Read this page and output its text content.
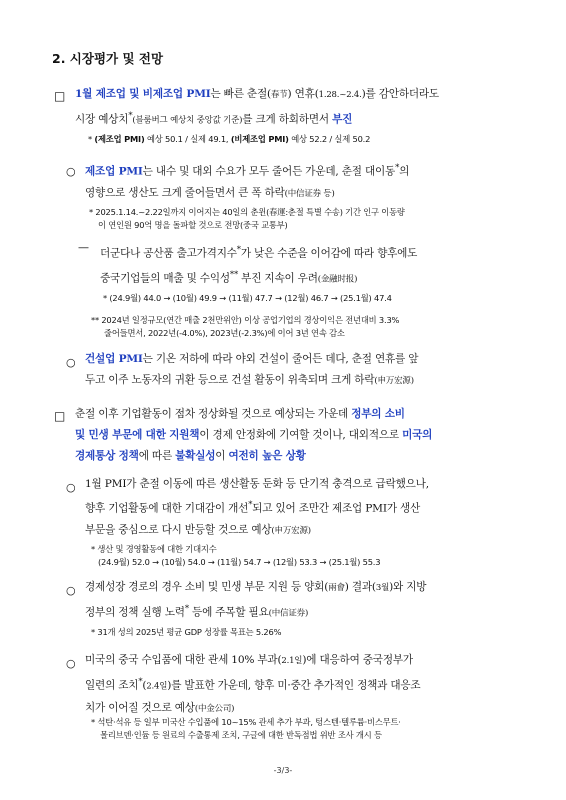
2. 시장평가 및 전망
□ 1월 제조업 및 비제조업 PMI는 빠른 춘절(春节) 연휴(1.28.~2.4.)를 감안하더라도
시장 예상치*(블룸버그 예상치 중앙값 기준)를 크게 하회하면서 부진
* (제조업 PMI) 예상 50.1 / 실제 49.1, (비제조업 PMI) 예상 52.2 / 실제 50.2
○ 제조업 PMI는 내수 및 대외 수요가 모두 줄어든 가운데, 춘절 대이동*의
영향으로 생산도 크게 줄어들면서 큰 폭 하락(中信证券 등)
* 2025.1.14.~2.22일까지 이어지는 40일의 춘윈(春運:춘절 특별 수송) 기간 인구 이동량
이 연인원 90억 명을 돌파할 것으로 전망(중국 교통부)
— 더군다나 공산품 출고가격지수*가 낮은 수준을 이어감에 따라 향후에도
중국기업들의 매출 및 수익성** 부진 지속이 우려(金融时报)
* (24.9월) 44.0 → (10월) 49.9 → (11월) 47.7 → (12월) 46.7 → (25.1월) 47.4
** 2024년 일정규모(연간 매출 2천만위안) 이상 공업기업의 경상이익은 전년대비 3.3%
줄어들면서, 2022년(-4.0%), 2023년(-2.3%)에 이어 3년 연속 감소
○ 건설업 PMI는 기온 저하에 따라 야외 건설이 줄어든 데다, 춘절 연휴를 앞
두고 이주 노동자의 귀환 등으로 건설 활동이 위축되며 크게 하락(申万宏源)
□ 춘절 이후 기업활동이 점차 정상화될 것으로 예상되는 가운데 정부의 소비
및 민생 부문에 대한 지원책이 경제 안정화에 기여할 것이나, 대외적으로 미국의
경제통상 정책에 따른 불확실성이 여전히 높은 상황
○ 1월 PMI가 춘절 이동에 따른 생산활동 둔화 등 단기적 충격으로 급락했으나,
향후 기업활동에 대한 기대감이 개선*되고 있어 조만간 제조업 PMI가 생산
부문을 중심으로 다시 반등할 것으로 예상(申万宏源)
* 생산 및 경영활동에 대한 기대지수
(24.9월) 52.0 → (10월) 54.0 → (11월) 54.7 → (12월) 53.3 → (25.1월) 55.3
○ 경제성장 경로의 경우 소비 및 민생 부문 지원 등 양회(兩會) 결과(3월)와 지방
정부의 정책 실행 노력* 등에 주목할 필요(中信证券)
* 31개 성의 2025년 평균 GDP 성장률 목표는 5.26%
○ 미국의 중국 수입품에 대한 관세 10% 부과(2.1일)에 대응하여 중국정부가
일련의 조치*(2.4일)를 발표한 가운데, 향후 미·중간 추가적인 정책과 대응조
치가 이어질 것으로 예상(中金公司)
* 석탄·석유 등 일부 미국산 수입품에 10~15% 관세 추가 부과, 텅스텐·텔루륨·비스무트·
몰리브덴·인듐 등 원료의 수출통제 조치, 구글에 대한 반독점법 위반 조사 개시 등
-3/3-
